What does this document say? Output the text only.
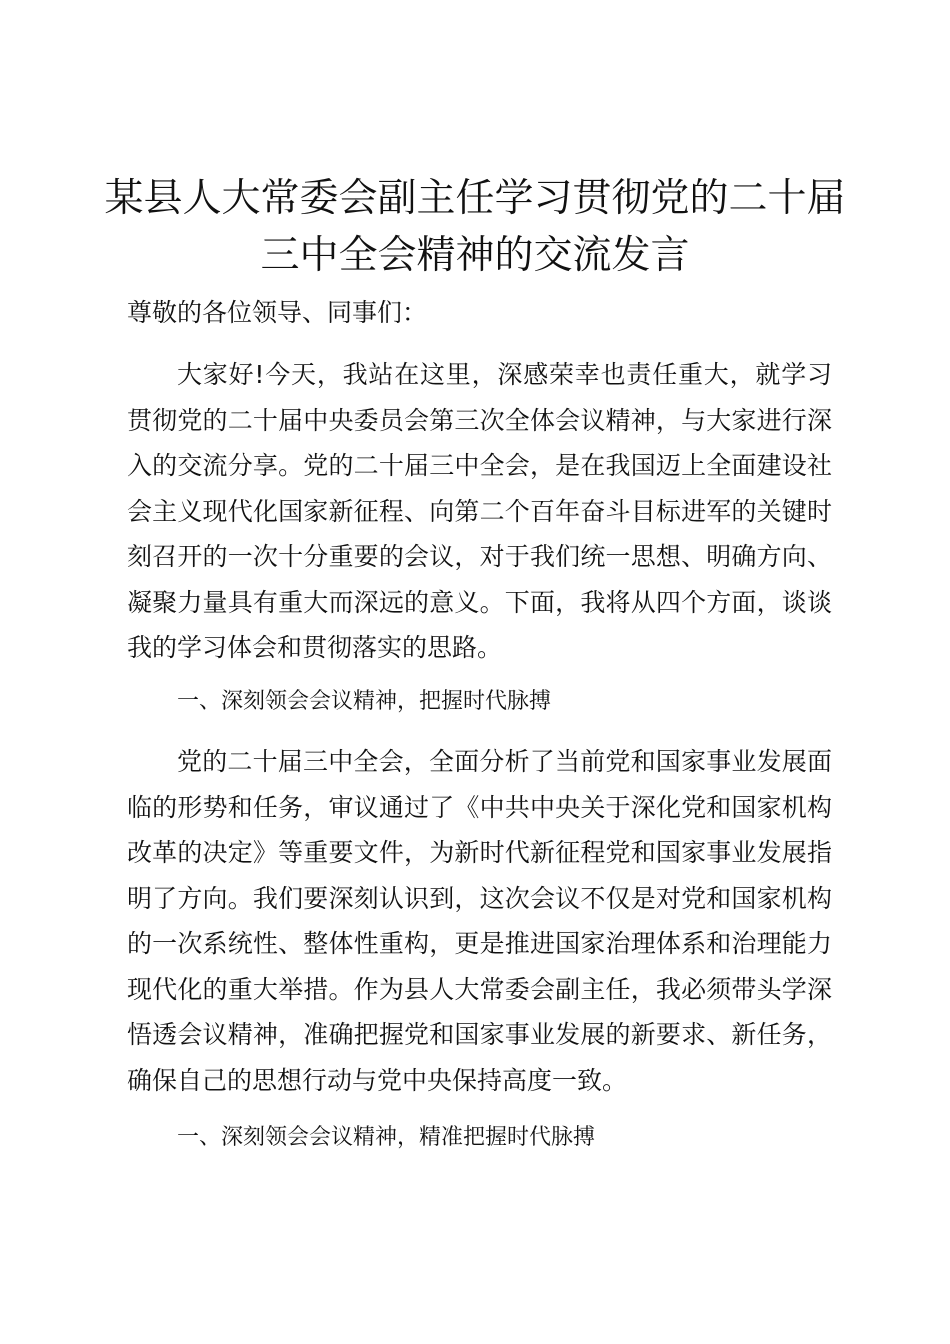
某县人大常委会副主任学习贯彻党的二十届三中全会精神的交流发言
尊敬的各位领导、同事们：
大家好!今天，我站在这里，深感荣幸也责任重大，就学习贯彻党的二十届中央委员会第三次全体会议精神，与大家进行深入的交流分享。党的二十届三中全会，是在我国迈上全面建设社会主义现代化国家新征程、向第二个百年奋斗目标进军的关键时刻召开的一次十分重要的会议，对于我们统一思想、明确方向、凝聚力量具有重大而深远的意义。下面，我将从四个方面，谈谈我的学习体会和贯彻落实的思路。
一、深刻领会会议精神，把握时代脉搏
党的二十届三中全会，全面分析了当前党和国家事业发展面临的形势和任务，审议通过了《中共中央关于深化党和国家机构改革的决定》等重要文件，为新时代新征程党和国家事业发展指明了方向。我们要深刻认识到，这次会议不仅是对党和国家机构的一次系统性、整体性重构，更是推进国家治理体系和治理能力现代化的重大举措。作为县人大常委会副主任，我必须带头学深悟透会议精神，准确把握党和国家事业发展的新要求、新任务，确保自己的思想行动与党中央保持高度一致。
一、深刻领会会议精神，精准把握时代脉搏
